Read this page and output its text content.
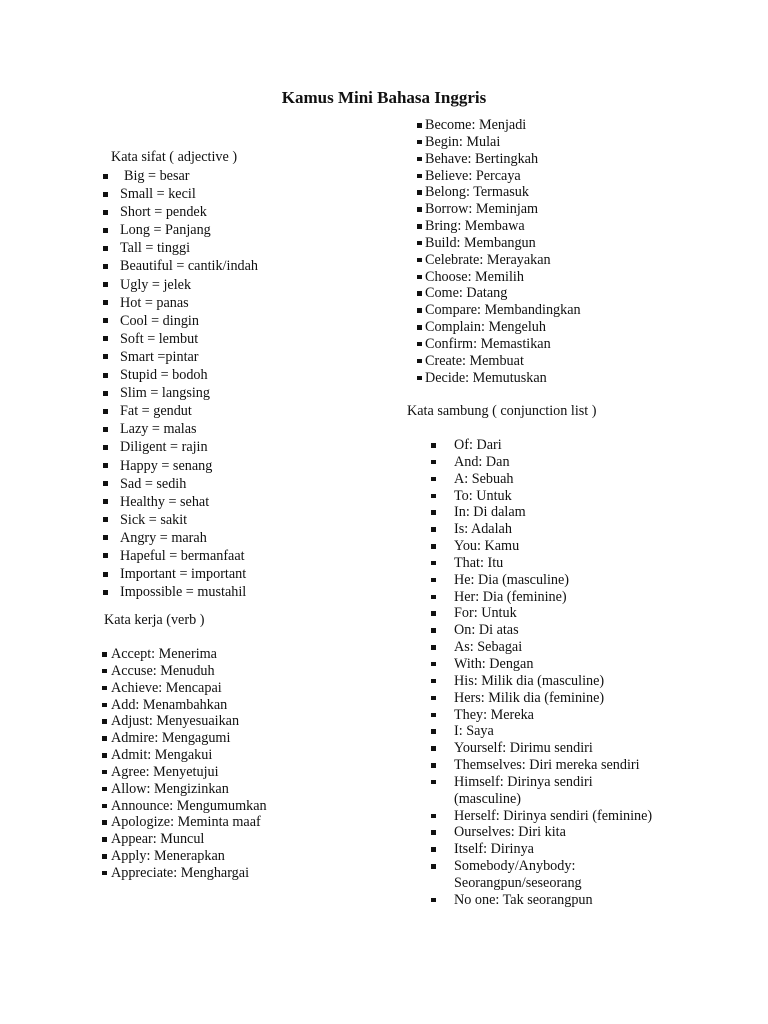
Kamus Mini Bahasa Inggris
Kata sifat ( adjective )
Big = besar
Small = kecil
Short = pendek
Long = Panjang
Tall = tinggi
Beautiful = cantik/indah
Ugly = jelek
Hot = panas
Cool = dingin
Soft = lembut
Smart =pintar
Stupid = bodoh
Slim = langsing
Fat = gendut
Lazy = malas
Diligent = rajin
Happy = senang
Sad = sedih
Healthy = sehat
Sick = sakit
Angry = marah
Hapeful = bermanfaat
Important = important
Impossible = mustahil
Kata kerja (verb )
Accept: Menerima
Accuse: Menuduh
Achieve: Mencapai
Add: Menambahkan
Adjust: Menyesuaikan
Admire: Mengagumi
Admit: Mengakui
Agree: Menyetujui
Allow: Mengizinkan
Announce: Mengumumkan
Apologize: Meminta maaf
Appear: Muncul
Apply: Menerapkan
Appreciate: Menghargai
Become: Menjadi
Begin: Mulai
Behave: Bertingkah
Believe: Percaya
Belong: Termasuk
Borrow: Meminjam
Bring: Membawa
Build: Membangun
Celebrate: Merayakan
Choose: Memilih
Come: Datang
Compare: Membandingkan
Complain: Mengeluh
Confirm: Memastikan
Create: Membuat
Decide: Memutuskan
Kata sambung ( conjunction list )
Of: Dari
And: Dan
A: Sebuah
To: Untuk
In: Di dalam
Is: Adalah
You: Kamu
That: Itu
He: Dia (masculine)
Her: Dia (feminine)
For: Untuk
On: Di atas
As: Sebagai
With: Dengan
His: Milik dia (masculine)
Hers: Milik dia (feminine)
They: Mereka
I: Saya
Yourself: Dirimu sendiri
Themselves: Diri mereka sendiri
Himself: Dirinya sendiri
(masculine)
Herself: Dirinya sendiri (feminine)
Ourselves: Diri kita
Itself: Dirinya
Somebody/Anybody:
Seorangpun/seseorang
No one: Tak seorangpun
